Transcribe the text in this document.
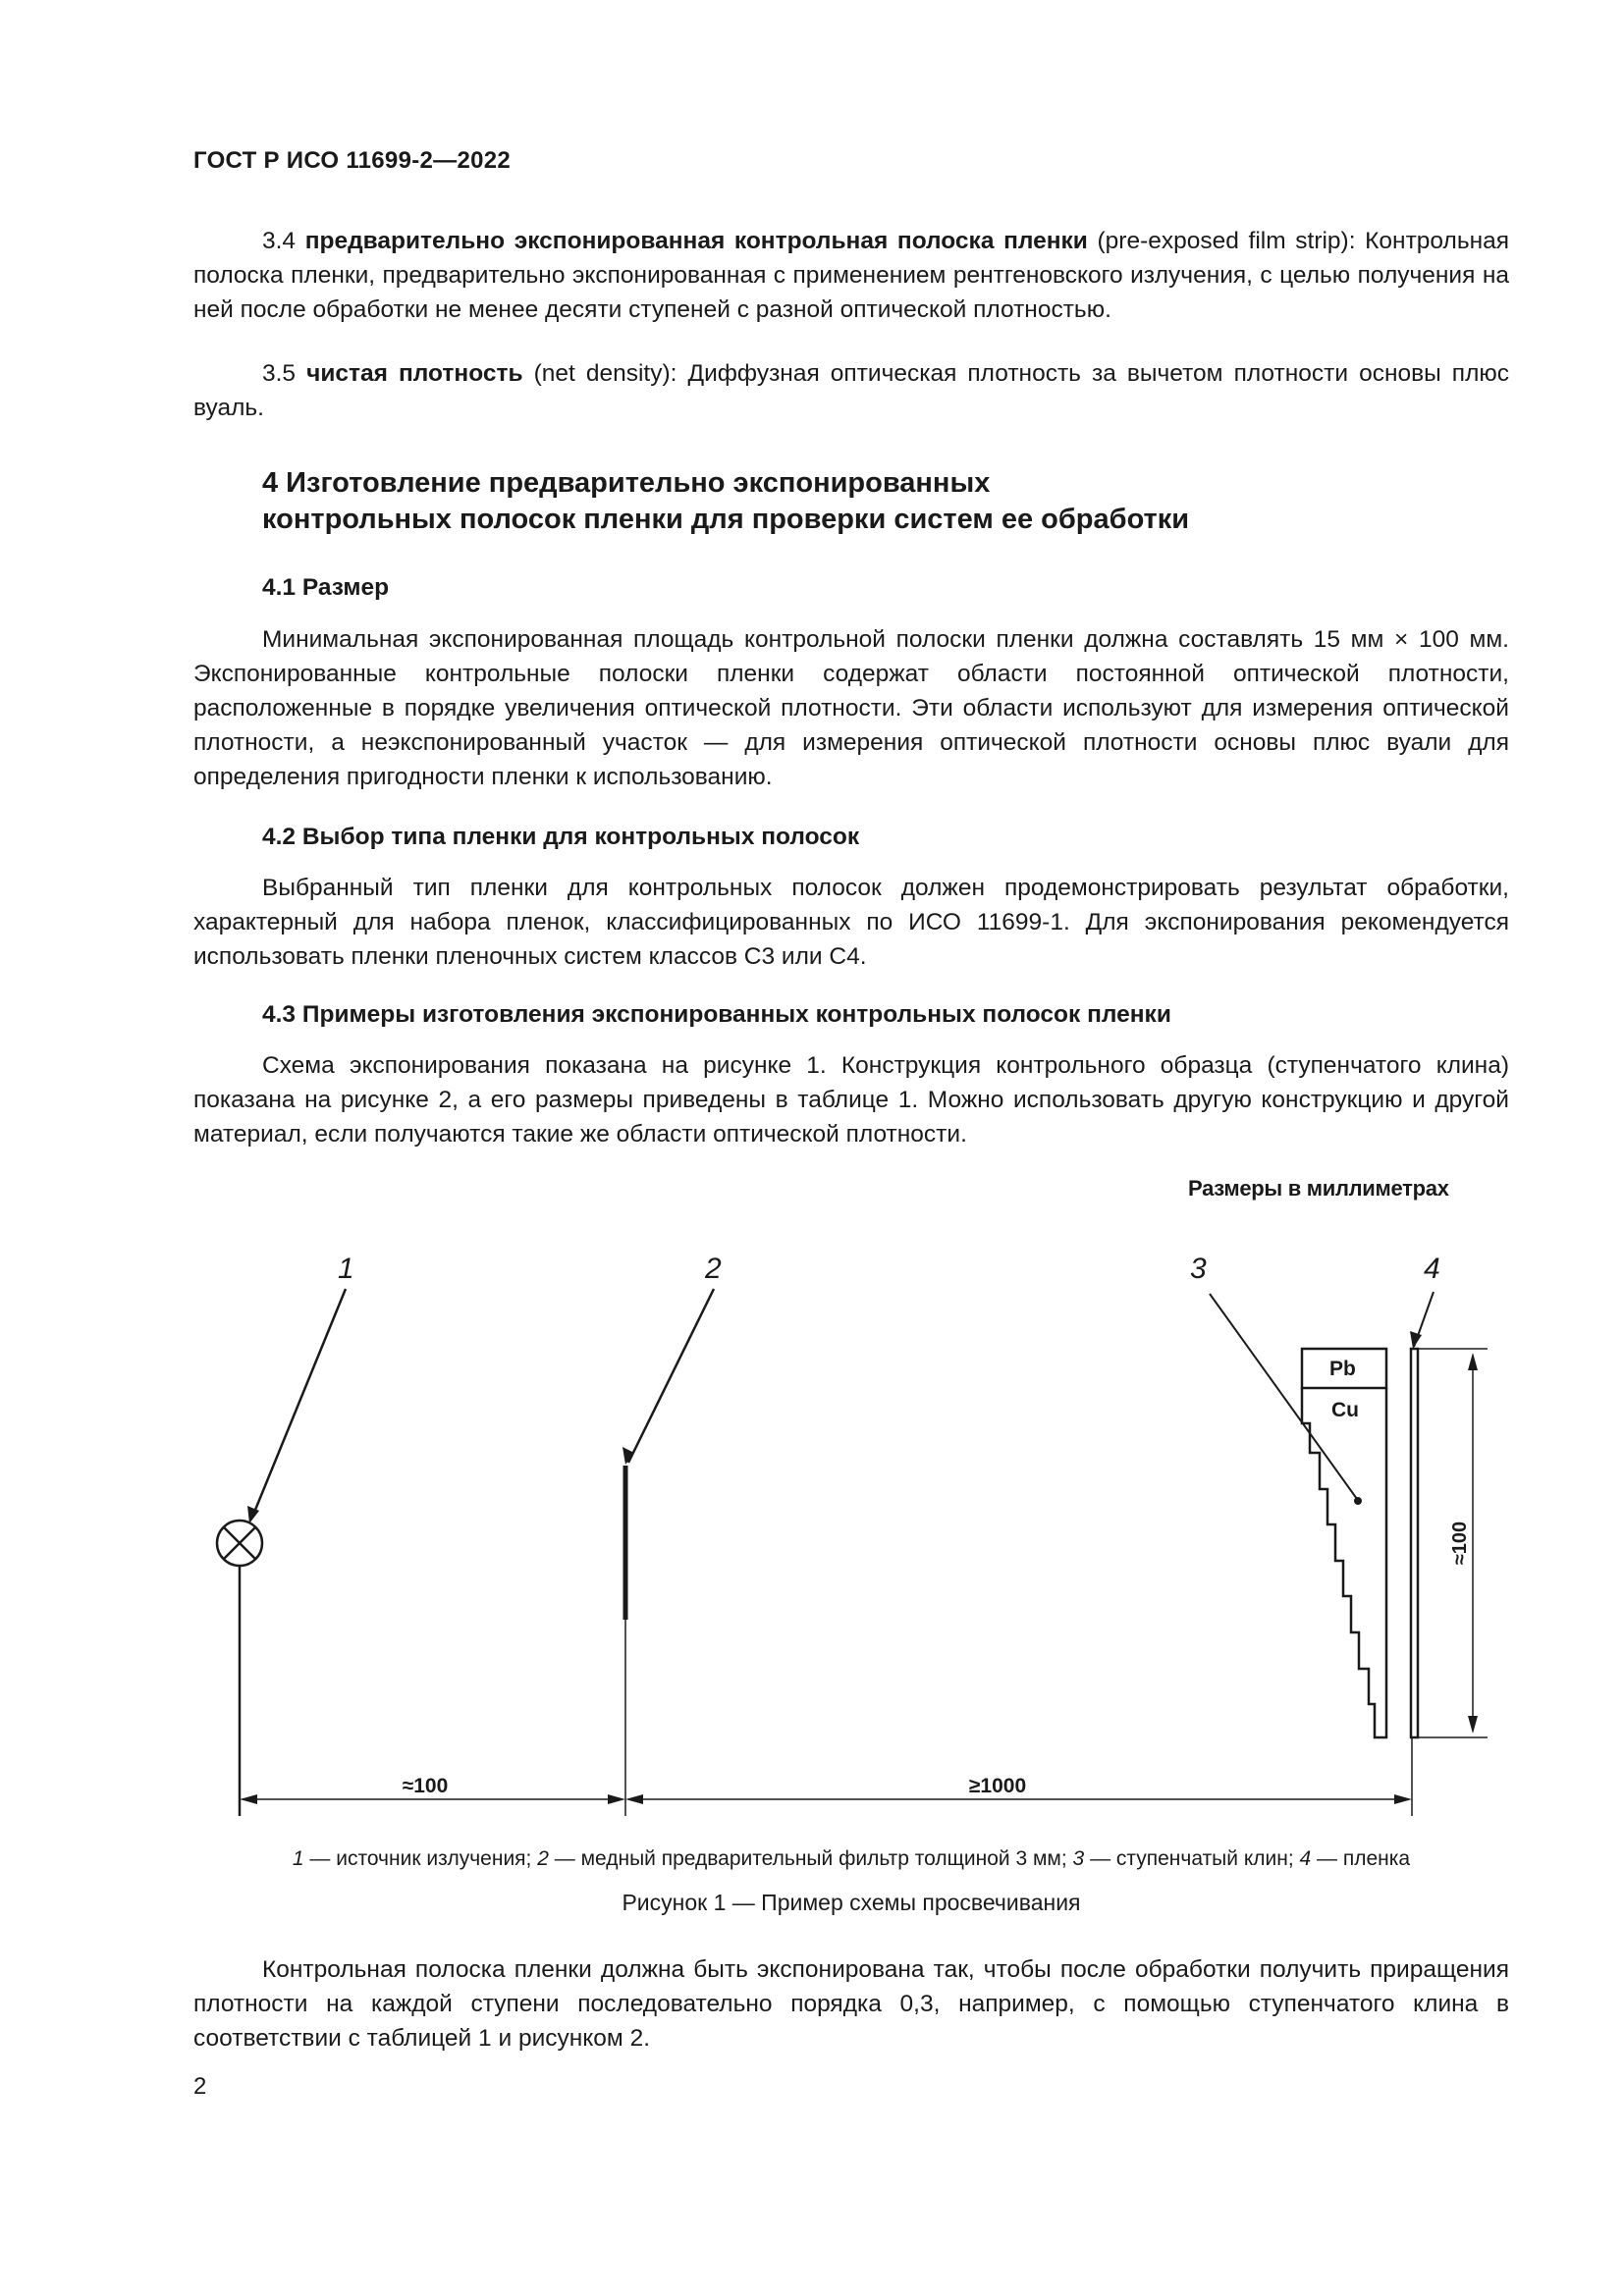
ГОСТ Р ИСО 11699-2—2022

3.4 предварительно экспонированная контрольная полоска пленки (pre-exposed film strip): Контрольная полоска пленки, предварительно экспонированная с применением рентгеновского излучения, с целью получения на ней после обработки не менее десяти ступеней с разной оптической плотностью.

3.5 чистая плотность (net density): Диффузная оптическая плотность за вычетом плотности основы плюс вуаль.

4 Изготовление предварительно экспонированных
контрольных полосок пленки для проверки систем ее обработки
4.1 Размер

Минимальная экспонированная площадь контрольной полоски пленки должна составлять 15 мм × 100 мм. Экспонированные контрольные полоски пленки содержат области постоянной оптической плотности, расположенные в порядке увеличения оптической плотности. Эти области используют для измерения оптической плотности, а неэкспонированный участок — для измерения оптической плотности основы плюс вуали для определения пригодности пленки к использованию.

4.2 Выбор типа пленки для контрольных полосок

Выбранный тип пленки для контрольных полосок должен продемонстрировать результат обработки, характерный для набора пленок, классифицированных по ИСО 11699-1. Для экспонирования рекомендуется использовать пленки пленочных систем классов С3 или С4.

4.3 Примеры изготовления экспонированных контрольных полосок пленки

Схема экспонирования показана на рисунке 1. Конструкция контрольного образца (ступенчатого клина) показана на рисунке 2, а его размеры приведены в таблице 1. Можно использовать другую конструкцию и другой материал, если получаются такие же области оптической плотности.

Размеры в миллиметрах
1	2	3	4
Pb
Cu
≈100
≈100	≥1000
1 — источник излучения; 2 — медный предварительный фильтр толщиной 3 мм; 3 — ступенчатый клин; 4 — пленка
Рисунок 1 — Пример схемы просвечивания

Контрольная полоска пленки должна быть экспонирована так, чтобы после обработки получить приращения плотности на каждой ступени последовательно порядка 0,3, например, с помощью ступенчатого клина в соответствии с таблицей 1 и рисунком 2.

2
